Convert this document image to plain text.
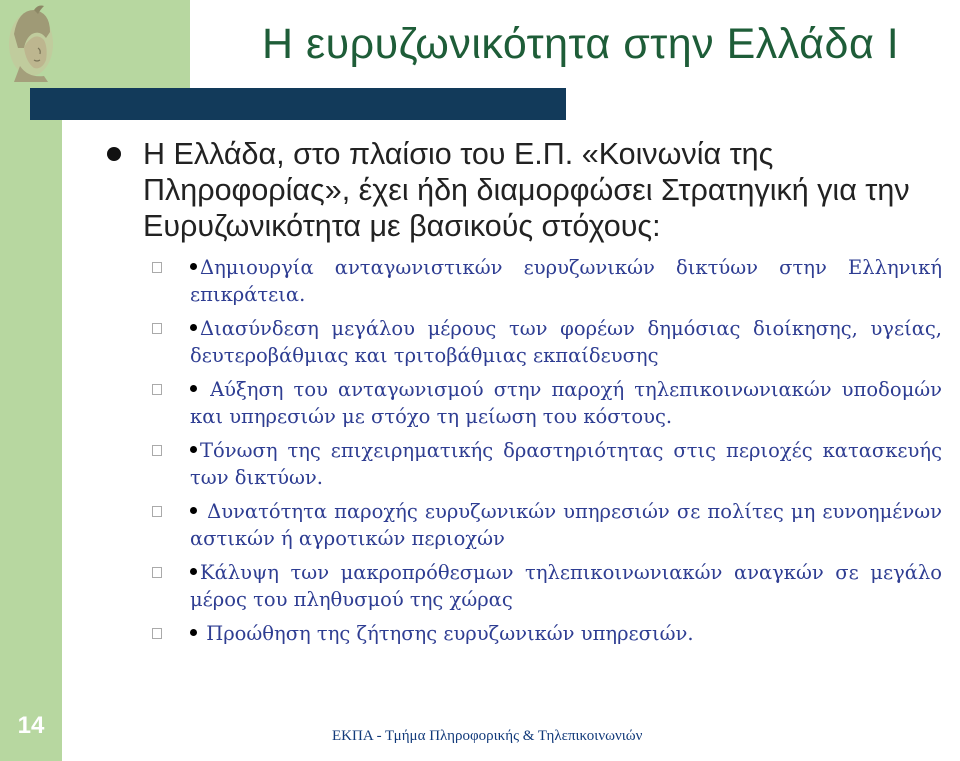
Η ευρυζωνικότητα στην Ελλάδα Ι
Η Ελλάδα, στο πλαίσιο του Ε.Π. «Κοινωνία της Πληροφορίας», έχει ήδη διαμορφώσει Στρατηγική για την Ευρυζωνικότητα με βασικούς στόχους:
Δημιουργία ανταγωνιστικών ευρυζωνικών δικτύων στην Ελληνική επικράτεια.
Διασύνδεση μεγάλου μέρους των φορέων δημόσιας διοίκησης, υγείας, δευτεροβάθμιας και τριτοβάθμιας εκπαίδευσης
Αύξηση του ανταγωνισμού στην παροχή τηλεπικοινωνιακών υποδομών και υπηρεσιών με στόχο τη μείωση του κόστους.
Τόνωση της επιχειρηματικής δραστηριότητας στις περιοχές κατασκευής των δικτύων.
Δυνατότητα παροχής ευρυζωνικών υπηρεσιών σε πολίτες μη ευνοημένων αστικών ή αγροτικών περιοχών
Κάλυψη των μακροπρόθεσμων τηλεπικοινωνιακών αναγκών σε μεγάλο μέρος του πληθυσμού της χώρας
Προώθηση της ζήτησης ευρυζωνικών υπηρεσιών.
14	ΕΚΠΑ - Τμήμα Πληροφορικής & Τηλεπικοινωνιών
